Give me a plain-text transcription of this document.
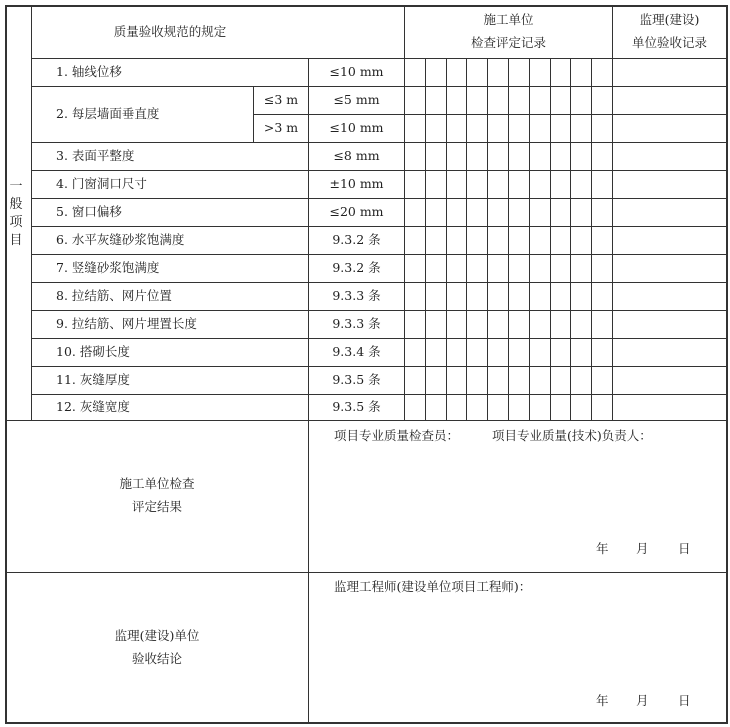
质量验收规范的规定
施工单位
检查评定记录
监理(建设)
单位验收记录
一般项目
1. 轴线位移	≤10 mm
2. 每层墙面垂直度
≤3 m	≤5 mm
>3 m	≤10 mm
3. 表面平整度	≤8 mm
4. 门窗洞口尺寸	±10 mm
5. 窗口偏移	≤20 mm
6. 水平灰缝砂浆饱满度	9.3.2 条
7. 竖缝砂浆饱满度	9.3.2 条
8. 拉结筋、网片位置	9.3.3 条
9. 拉结筋、网片埋置长度	9.3.3 条
10. 搭砌长度	9.3.4 条
11. 灰缝厚度	9.3.5 条
12. 灰缝宽度	9.3.5 条
施工单位检查
评定结果
项目专业质量检查员：	项目专业质量(技术)负责人：
年 月 日
监理(建设)单位
验收结论
监理工程师(建设单位项目工程师)：
年 月 日
